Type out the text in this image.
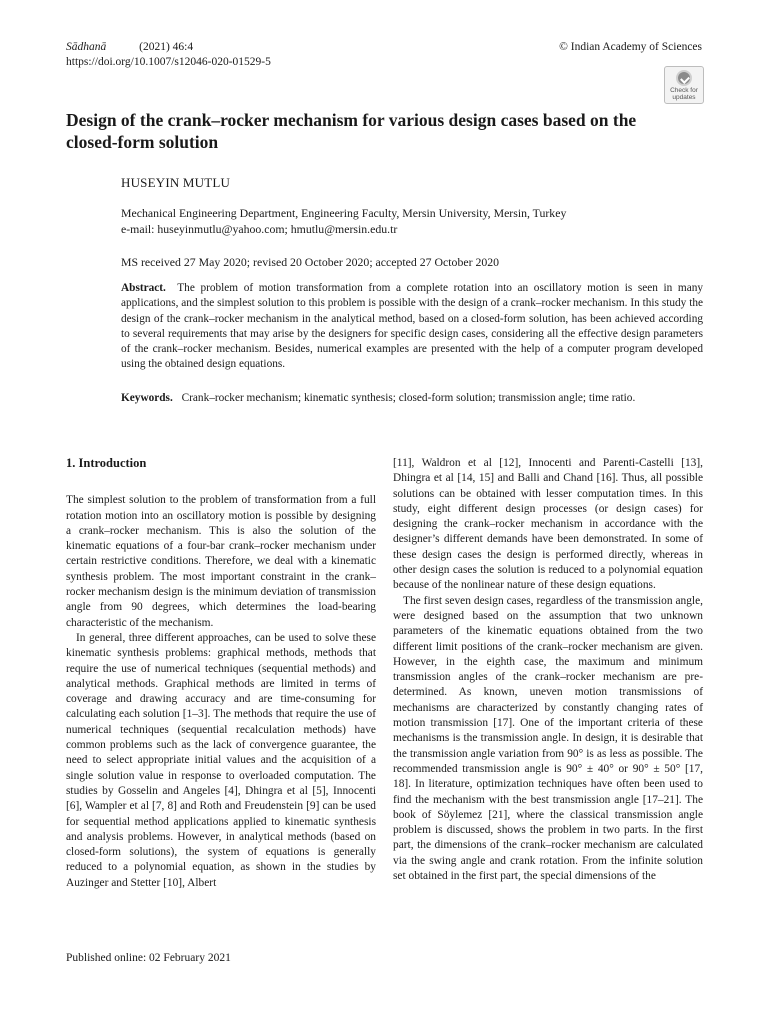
Sādhanā	(2021) 46:4
https://doi.org/10.1007/s12046-020-01529-5
© Indian Academy of Sciences
Check for
updates
Design of the crank–rocker mechanism for various design cases based on the closed-form solution
HUSEYIN MUTLU
Mechanical Engineering Department, Engineering Faculty, Mersin University, Mersin, Turkey
e-mail: huseyinmutlu@yahoo.com; hmutlu@mersin.edu.tr
MS received 27 May 2020; revised 20 October 2020; accepted 27 October 2020
Abstract. The problem of motion transformation from a complete rotation into an oscillatory motion is seen in many applications, and the simplest solution to this problem is possible with the design of a crank–rocker mechanism. In this study the design of the crank–rocker mechanism in the analytical method, based on a closed-form solution, has been achieved according to several requirements that may arise by the designers for specific design cases, considering all the effective design parameters of the crank–rocker mechanism. Besides, numerical examples are presented with the help of a computer program developed using the obtained design equations.
Keywords. Crank–rocker mechanism; kinematic synthesis; closed-form solution; transmission angle; time ratio.
1. Introduction

The simplest solution to the problem of transformation from a full rotation motion into an oscillatory motion is possible by designing a crank–rocker mechanism. This is also the solution of the kinematic equations of a four-bar crank–rocker mechanism under certain restrictive conditions. Therefore, we deal with a kinematic synthesis problem. The most important constraint in the crank–rocker mechanism design is the minimum deviation of transmission angle from 90 degrees, which determines the load-bearing characteristic of the mechanism.

In general, three different approaches, can be used to solve these kinematic synthesis problems: graphical methods, methods that require the use of numerical techniques (sequential methods) and analytical methods. Graphical methods are limited in terms of coverage and drawing accuracy and are time-consuming for calculating each solution [1–3]. The methods that require the use of numerical techniques (sequential recalculation methods) have common problems such as the lack of convergence guarantee, the need to select appropriate initial values and the acquisition of a single solution value in response to overloaded computation. The studies by Gosselin and Angeles [4], Dhingra et al [5], Innocenti [6], Wampler et al [7, 8] and Roth and Freudenstein [9] can be used for sequential method applications applied to kinematic synthesis and analysis problems. However, in analytical methods (based on closed-form solutions), the system of equations is generally reduced to a polynomial equation, as shown in the studies by Auzinger and Stetter [10], Albert

[11], Waldron et al [12], Innocenti and Parenti-Castelli [13], Dhingra et al [14, 15] and Balli and Chand [16]. Thus, all possible solutions can be obtained with lesser computation times. In this study, eight different design processes (or design cases) for designing the crank–rocker mechanism in accordance with the designer’s different demands have been demonstrated. In some of these design cases the design is performed directly, whereas in other design cases the solution is reduced to a polynomial equation because of the nonlinear nature of these design equations.

The first seven design cases, regardless of the transmission angle, were designed based on the assumption that two unknown parameters of the kinematic equations obtained from the two different limit positions of the crank–rocker mechanism are given. However, in the eighth case, the maximum and minimum transmission angles of the crank–rocker mechanism are pre-determined. As known, uneven motion transmissions of mechanisms are characterized by constantly changing rates of motion transmission [17]. One of the important criteria of these mechanisms is the transmission angle. In design, it is desirable that the transmission angle variation from 90° is as less as possible. The recommended transmission angle is 90° ± 40° or 90° ± 50° [17, 18]. In literature, optimization techniques have often been used to find the mechanism with the best transmission angle [17–21]. The book of Söylemez [21], where the classical transmission angle problem is discussed, shows the problem in two parts. In the first part, the dimensions of the crank–rocker mechanism are calculated via the swing angle and crank rotation. From the infinite solution set obtained in the first part, the special dimensions of the

Published online: 02 February 2021
